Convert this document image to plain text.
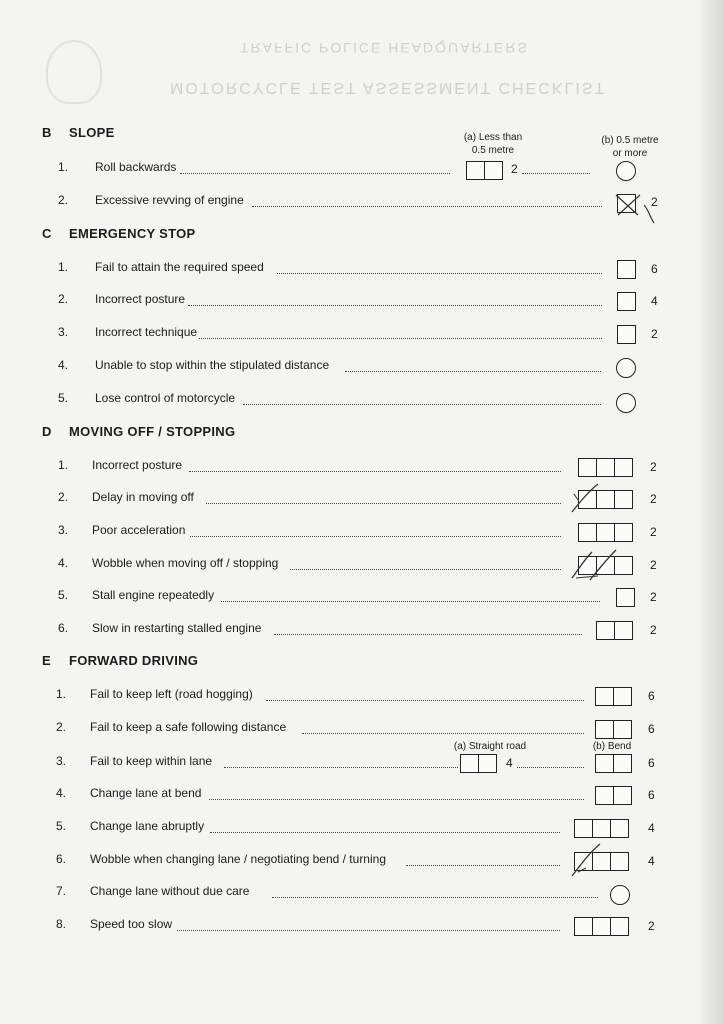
TRAFFIC POLICE HEADQUARTERS
MOTORCYCLE TEST ASSESSMENT CHECKLIST
B SLOPE	(a) Less than
0.5 metre
(b) 0.5 metre
or more
1. Roll backwards	2
2. Excessive revving of engine	2
C EMERGENCY STOP
1. Fail to attain the required speed	6
2. Incorrect posture	4
3. Incorrect technique	2
4. Unable to stop within the stipulated distance
5. Lose control of motorcycle
D MOVING OFF / STOPPING
1. Incorrect posture	2
2. Delay in moving off	2
3. Poor acceleration	2
4. Wobble when moving off / stopping	2
5. Stall engine repeatedly	2
6. Slow in restarting stalled engine	2
E FORWARD DRIVING
1. Fail to keep left (road hogging)	6
2. Fail to keep a safe following distance	6
(a) Straight road	(b) Bend
3. Fail to keep within lane	4	6
4. Change lane at bend	6
5. Change lane abruptly	4
6. Wobble when changing lane / negotiating bend / turning	4
7. Change lane without due care
8. Speed too slow	2
